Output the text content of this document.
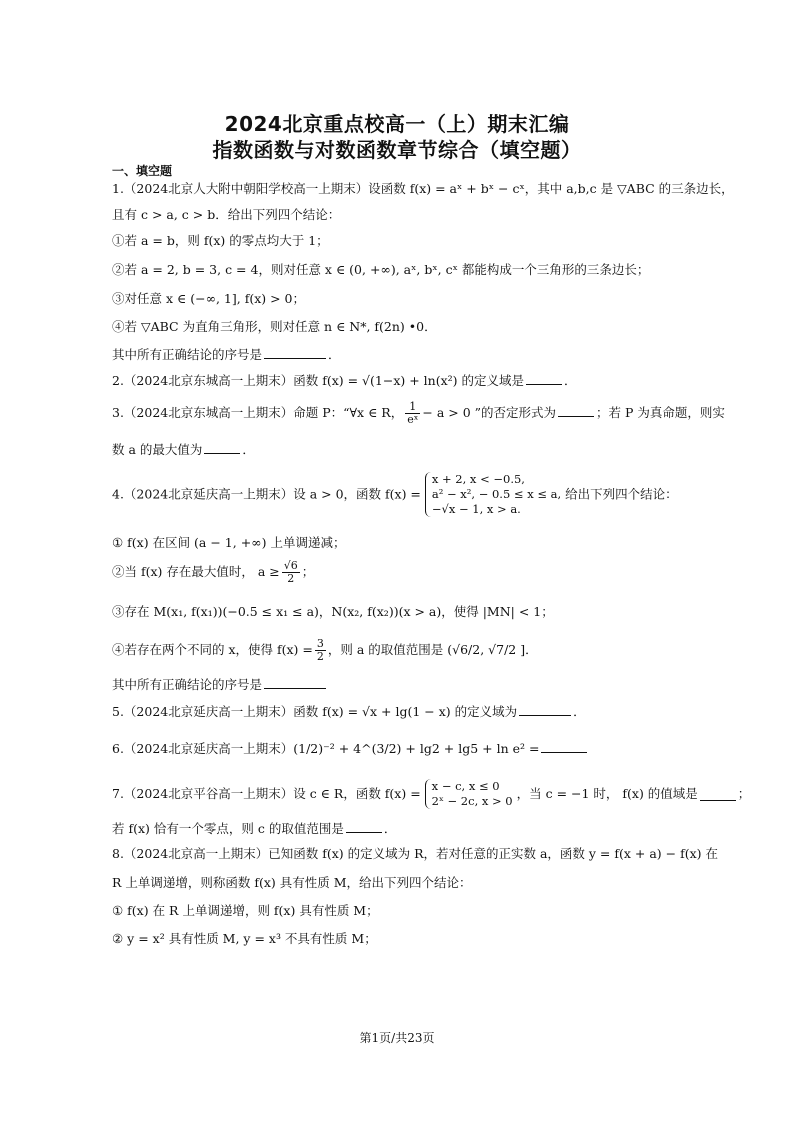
2024北京重点校高一（上）期末汇编
指数函数与对数函数章节综合（填空题）
一、填空题
1.（2024北京人大附中朝阳学校高一上期末）设函数 f(x) = aˣ + bˣ − cˣ，其中 a,b,c 是 ▽ABC 的三条边长，
且有 c > a, c > b．给出下列四个结论：
①若 a = b，则 f(x) 的零点均大于 1；
②若 a = 2, b = 3, c = 4，则对任意 x ∈ (0, +∞), aˣ, bˣ, cˣ 都能构成一个三角形的三条边长；
③对任意 x ∈ (−∞, 1], f(x) > 0；
④若 ▽ABC 为直角三角形，则对任意 n ∈ N*, f(2n) •0．
其中所有正确结论的序号是	．
2.（2024北京东城高一上期末）函数 f(x) = √(1−x) + ln(x²) 的定义域是	．
3.（2024北京东城高一上期末）命题 P：“∀x ∈ R， $\frac{1}{\text{eˣ}} - a > 0$ ”的否定形式为	；若 P 为真命题，则实
数 a 的最大值为	．
4.（2024北京延庆高一上期末）设 a > 0，函数 f(x) =
x + 2, x < −0.5,
a² − x², − 0.5 ≤ x ≤ a,
−√x − 1, x > a.
给出下列四个结论：
① f(x) 在区间 (a − 1, +∞) 上单调递减；
②当 f(x) 存在最大值时， $a \ge \frac{√6}{2}$ ；
③存在 M(x₁, f(x₁))(−0.5 ≤ x₁ ≤ a)，N(x₂, f(x₂))(x > a)，使得 |MN| < 1；
④若存在两个不同的 x，使得 $f(x) = \frac{3}{2}$ ，则 a 的取值范围是 (√6/2, √7/2 ]．
其中所有正确结论的序号是
5.（2024北京延庆高一上期末）函数 f(x) = √x + lg(1 − x) 的定义域为	．
6.（2024北京延庆高一上期末）(1/2)⁻² + 4^(3/2) + lg2 + lg5 + ln e² =
7.（2024北京平谷高一上期末）设 c ∈ R，函数 f(x) = x − c, x ≤ 0
2ˣ − 2c, x > 0 ，当 c = −1 时， f(x) 的值域是	；
若 f(x) 恰有一个零点，则 c 的取值范围是	．
8.（2024北京高一上期末）已知函数 f(x) 的定义域为 R，若对任意的正实数 a，函数 y = f(x + a) − f(x) 在
R 上单调递增，则称函数 f(x) 具有性质 M，给出下列四个结论：
① f(x) 在 R 上单调递增，则 f(x) 具有性质 M；
② y = x² 具有性质 M, y = x³ 不具有性质 M；
第1页/共23页
